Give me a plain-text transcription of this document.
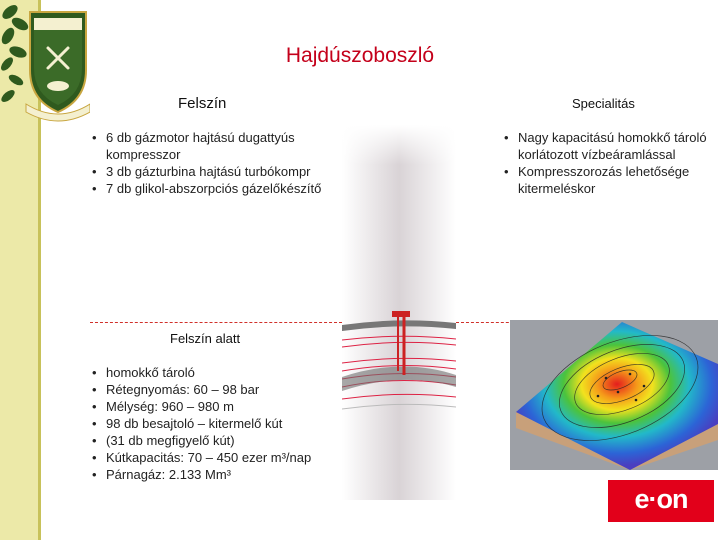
Hajdúszoboszló
Felszín	Specialitás
• 6 db gázmotor hajtású dugattyús kompresszor
• 3 db gázturbina hajtású turbókompr
• 7 db glikol-abszorpciós gázelőkészítő
• Nagy kapacitású homokkő tároló korlátozott vízbeáramlással
• Kompresszorozás lehetősége kitermeléskor
Felszín alatt
• homokkő tároló
• Rétegnyomás: 60 – 98 bar
• Mélység: 960 – 980 m
• 98 db besajtoló – kitermelő kút
• (31 db megfigyelő kút)
• Kútkapacitás: 70 – 450 ezer m³/nap
• Párnagáz: 2.133 Mm³
e·on
